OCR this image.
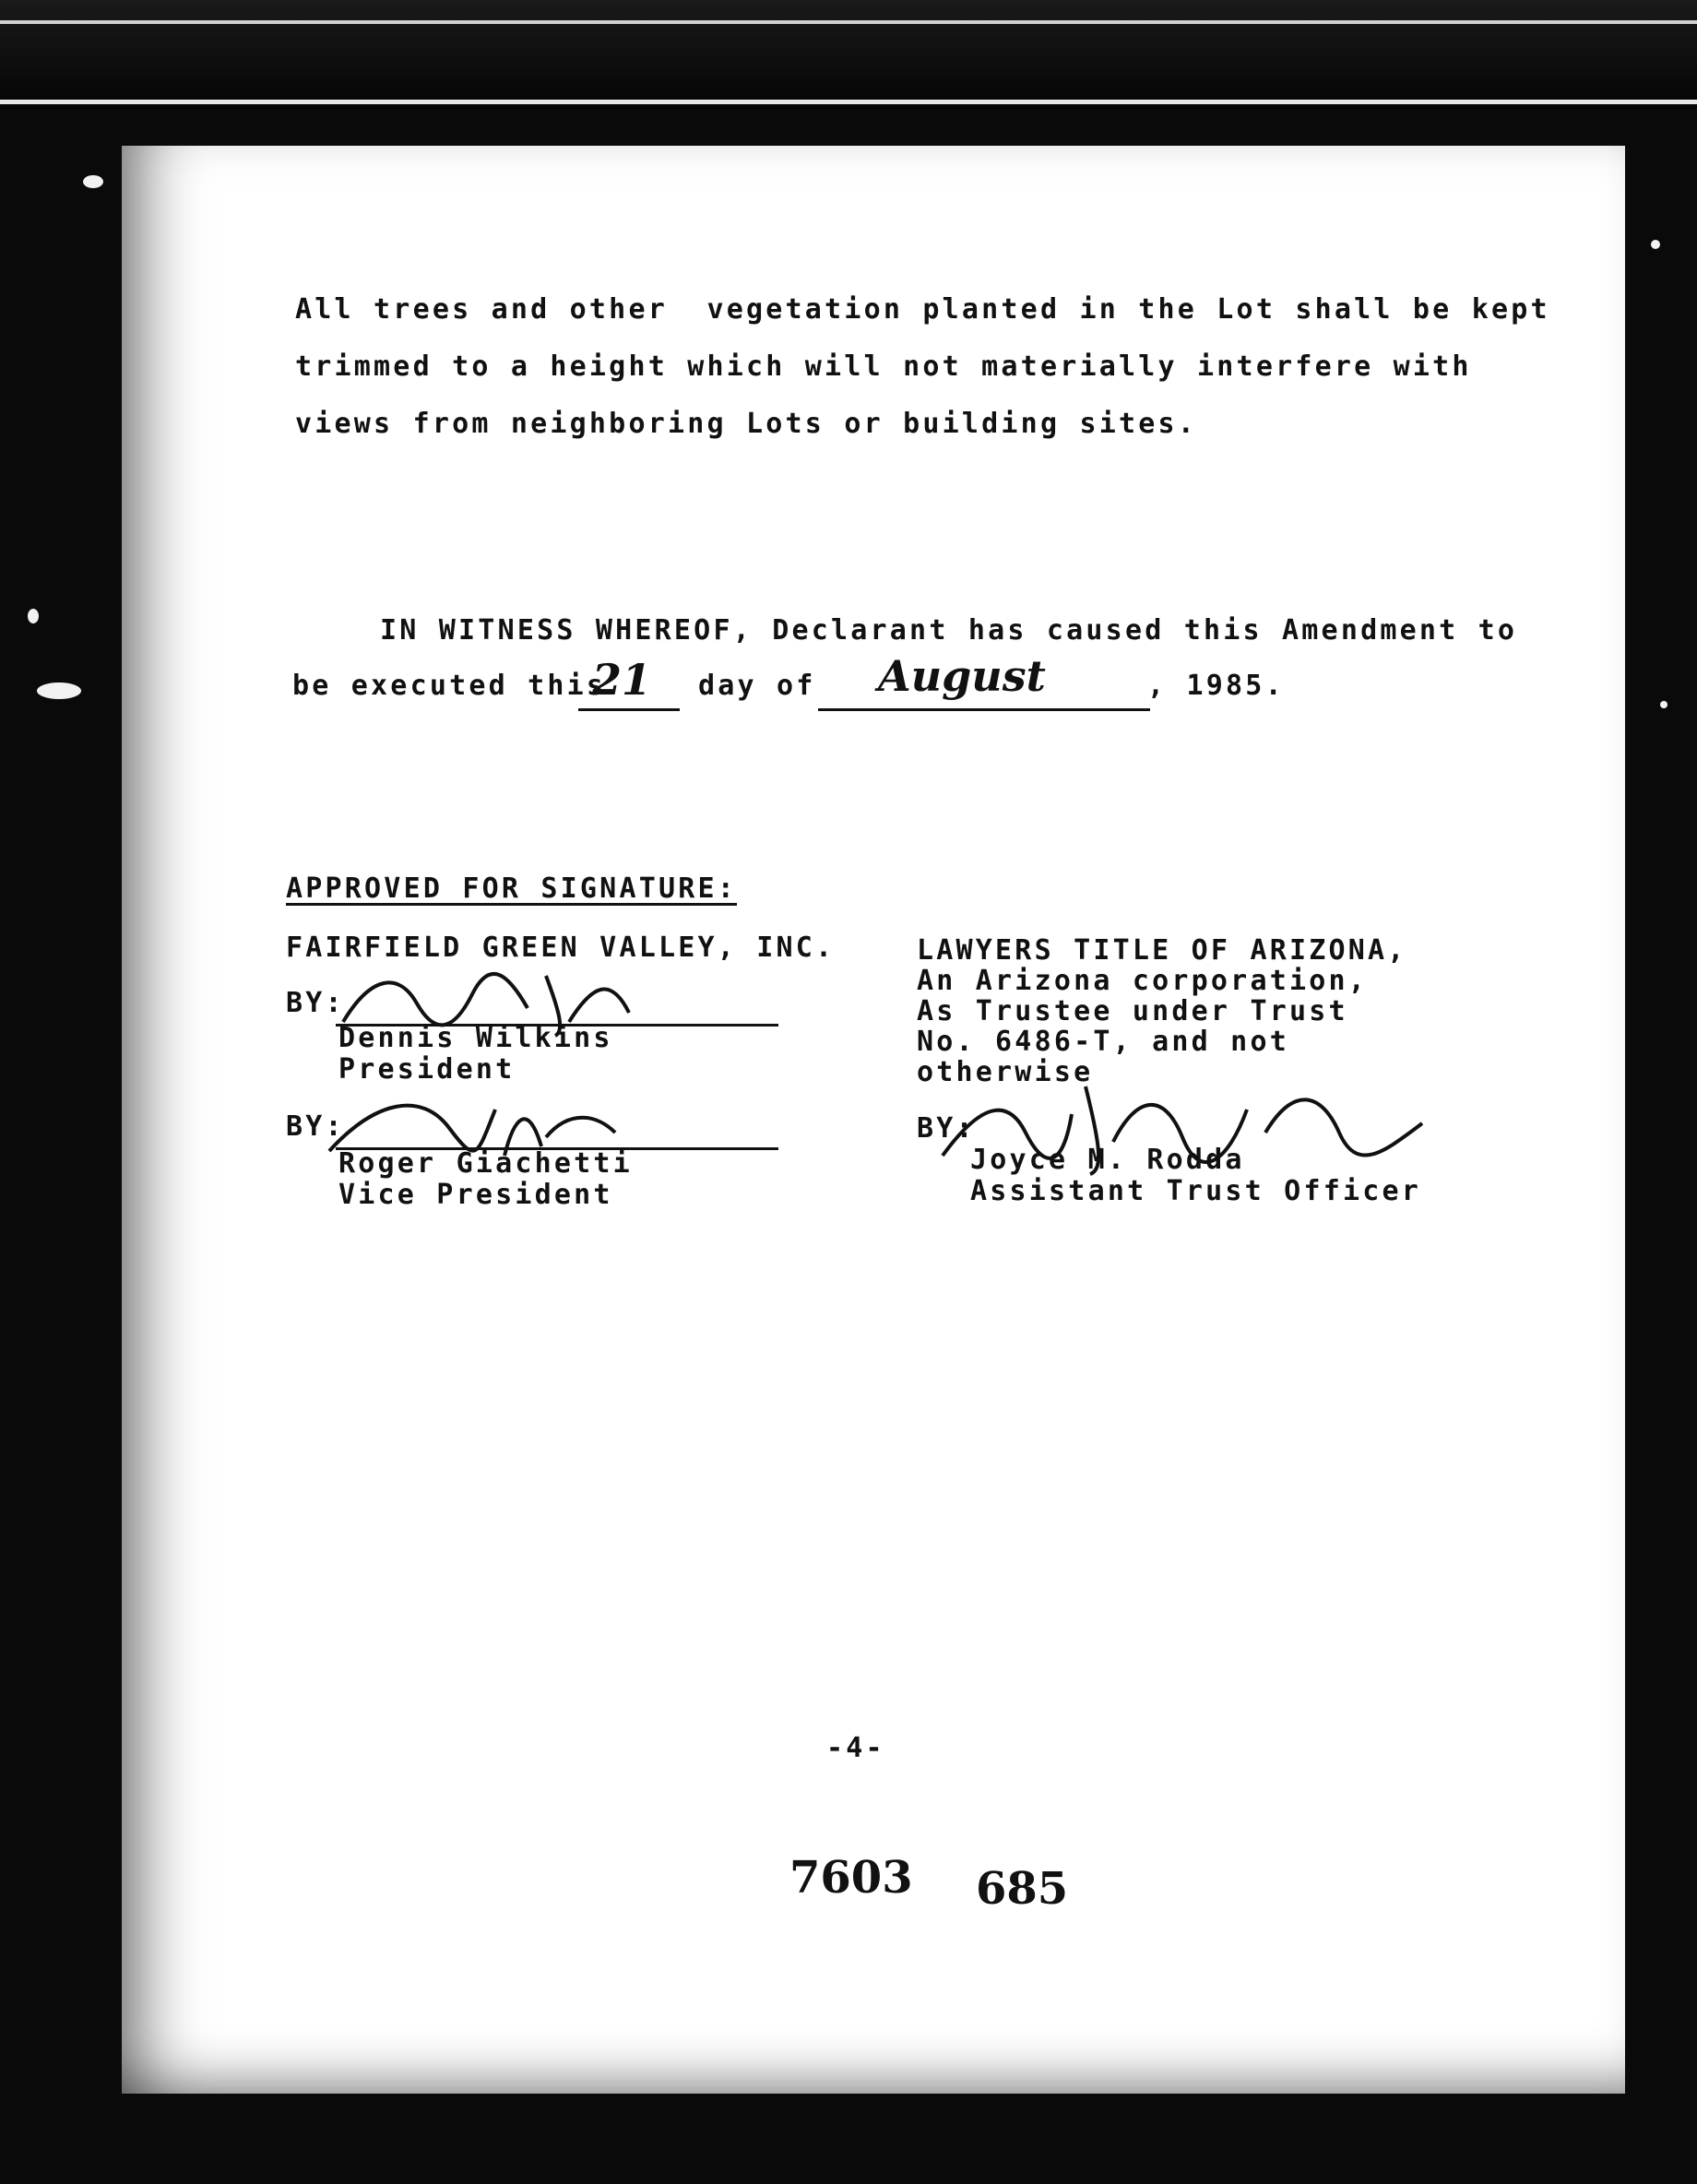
All trees and other  vegetation planted in the Lot shall be kept
trimmed to a height which will not materially interfere with
views from neighboring Lots or building sites.
IN WITNESS WHEREOF, Declarant has caused this Amendment to
be executed this
21 day of August	, 1985.
APPROVED FOR SIGNATURE:
FAIRFIELD GREEN VALLEY, INC.
BY:
Dennis Wilkins
President
BY:
Roger Giachetti
Vice President
LAWYERS TITLE OF ARIZONA,
An Arizona corporation,
As Trustee under Trust
No. 6486-T, and not
otherwise
BY:
Joyce M. Rodda
Assistant Trust Officer
-4-
7603 685
